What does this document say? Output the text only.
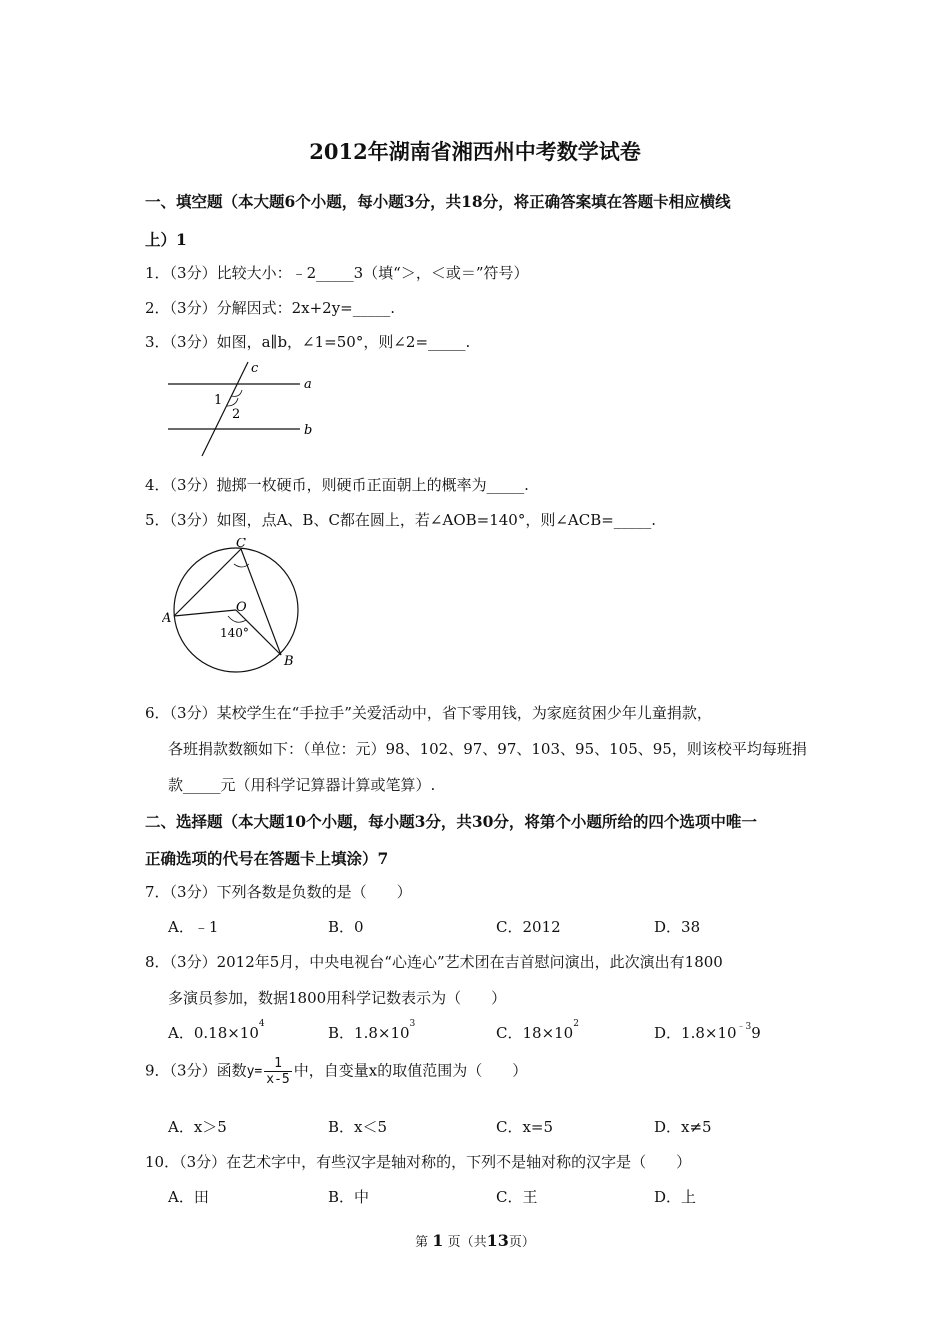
2012年湖南省湘西州中考数学试卷
一、填空题（本大题6个小题，每小题3分，共18分，将正确答案填在答题卡相应横线
上）1
1．（3分）比较大小：﹣2_____3（填“＞，＜或＝”符号）
2．（3分）分解因式：2x+2y=_____.
3．（3分）如图，a∥b，∠1=50°，则∠2=_____.
c
a
b
1
2
4．（3分）抛掷一枚硬币，则硬币正面朝上的概率为_____.
5．（3分）如图，点A、B、C都在圆上，若∠AOB=140°，则∠ACB=_____.
C
A
O
B
140°
6．（3分）某校学生在“手拉手”关爱活动中，省下零用钱，为家庭贫困少年儿童捐款，
各班捐款数额如下：（单位：元）98、102、97、97、103、95、105、95，则该校平均每班捐
款_____元（用科学记算器计算或笔算）.
二、选择题（本大题10个小题，每小题3分，共30分，将第个小题所给的四个选项中唯一
正确选项的代号在答题卡上填涂）7
7．（3分）下列各数是负数的是（　　）
A．﹣1	B．0	C．2012	D．38
8．（3分）2012年5月，中央电视台“心连心”艺术团在吉首慰问演出，此次演出有1800
多演员参加，数据1800用科学记数表示为（　　）
A．$0.18\times 10^4$	B．$1.8\times 10^3$	C．$18\times 10^2$	D．$1.8\times 10^{﹣3}9$
9．（3分）函数$y= \frac{1}{x-5}$ 中，自变量x的取值范围为（　　）
A．x＞5	B．x＜5	C．x=5	D．x≠5
10．（3分）在艺术字中，有些汉字是轴对称的，下列不是轴对称的汉字是（　　）
A．田	B．中	C．王	D．上
第 1 页（共13页）
